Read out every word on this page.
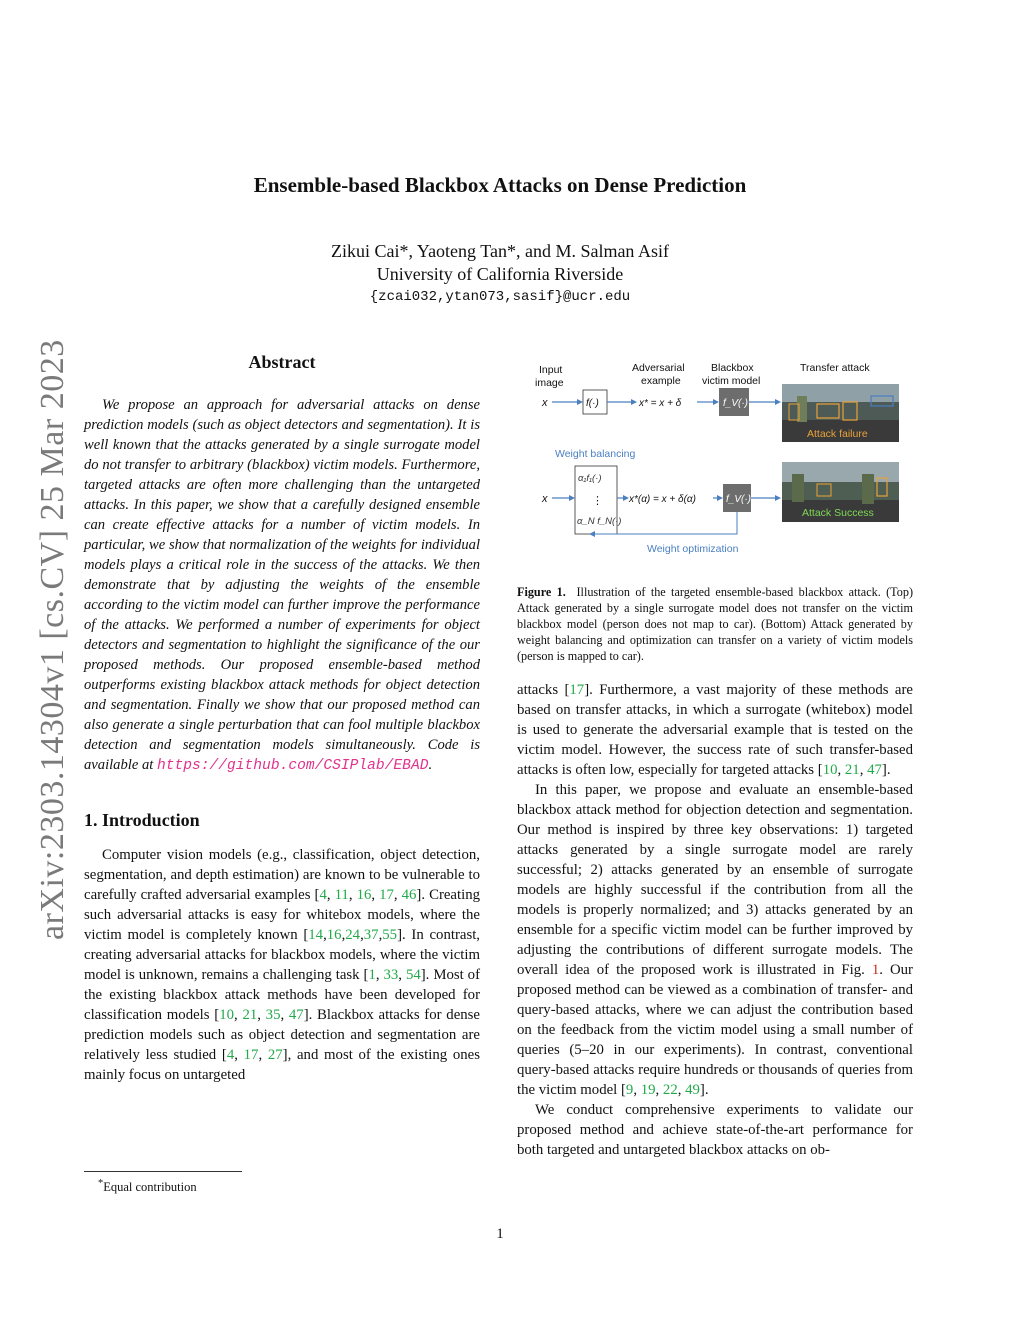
arXiv:2303.14304v1 [cs.CV] 25 Mar 2023
Ensemble-based Blackbox Attacks on Dense Prediction
Zikui Cai*, Yaoteng Tan*, and M. Salman Asif
University of California Riverside
{zcai032,ytan073,sasif}@ucr.edu
Abstract

We propose an approach for adversarial attacks on dense prediction models (such as object detectors and segmentation). It is well known that the attacks generated by a single surrogate model do not transfer to arbitrary (blackbox) victim models. Furthermore, targeted attacks are often more challenging than the untargeted attacks. In this paper, we show that a carefully designed ensemble can create effective attacks for a number of victim models. In particular, we show that normalization of the weights for individual models plays a critical role in the success of the attacks. We then demonstrate that by adjusting the weights of the ensemble according to the victim model can further improve the performance of the attacks. We performed a number of experiments for object detectors and segmentation to highlight the significance of the our proposed methods. Our proposed ensemble-based method outperforms existing blackbox attack methods for object detection and segmentation. Finally we show that our proposed method can also generate a single perturbation that can fool multiple blackbox detection and segmentation models simultaneously. Code is available at https://github.com/CSIPlab/EBAD.

1. Introduction

Computer vision models (e.g., classification, object detection, segmentation, and depth estimation) are known to be vulnerable to carefully crafted adversarial examples [4, 11, 16, 17, 46]. Creating such adversarial attacks is easy for whitebox models, where the victim model is completely known [14,16,24,37,55]. In contrast, creating adversarial attacks for blackbox models, where the victim model is unknown, remains a challenging task [1, 33, 54]. Most of the existing blackbox attack methods have been developed for classification models [10, 21, 35, 47]. Blackbox attacks for dense prediction models such as object detection and segmentation are relatively less studied [4, 17, 27], and most of the existing ones mainly focus on untargeted

Input
image
Adversarial
example
Blackbox
victim model
Transfer attack
x	f(·)	x* = x + δ	f_V(·)
Attack failure
Weight balancing
x
α₁f₁(·)
⋮
α_N f_N(·)
x*(α) = x + δ(α)	f_V(·)
Weight optimization
Attack Success
Figure 1. Illustration of the targeted ensemble-based blackbox attack. (Top) Attack generated by a single surrogate model does not transfer on the victim blackbox model (person does not map to car). (Bottom) Attack generated by weight balancing and optimization can transfer on a variety of victim models (person is mapped to car).

attacks [17]. Furthermore, a vast majority of these methods are based on transfer attacks, in which a surrogate (whitebox) model is used to generate the adversarial example that is tested on the victim model. However, the success rate of such transfer-based attacks is often low, especially for targeted attacks [10, 21, 47].

In this paper, we propose and evaluate an ensemble-based blackbox attack method for objection detection and segmentation. Our method is inspired by three key observations: 1) targeted attacks generated by a single surrogate model are rarely successful; 2) attacks generated by an ensemble of surrogate models are highly successful if the contribution from all the models is properly normalized; and 3) attacks generated by an ensemble for a specific victim model can be further improved by adjusting the contributions of different surrogate models. The overall idea of the proposed work is illustrated in Fig. 1. Our proposed method can be viewed as a combination of transfer- and query-based attacks, where we can adjust the contribution based on the feedback from the victim model using a small number of queries (5–20 in our experiments). In contrast, conventional query-based attacks require hundreds or thousands of queries from the victim model [9, 19, 22, 49].

We conduct comprehensive experiments to validate our proposed method and achieve state-of-the-art performance for both targeted and untargeted blackbox attacks on ob-

*Equal contribution
1
